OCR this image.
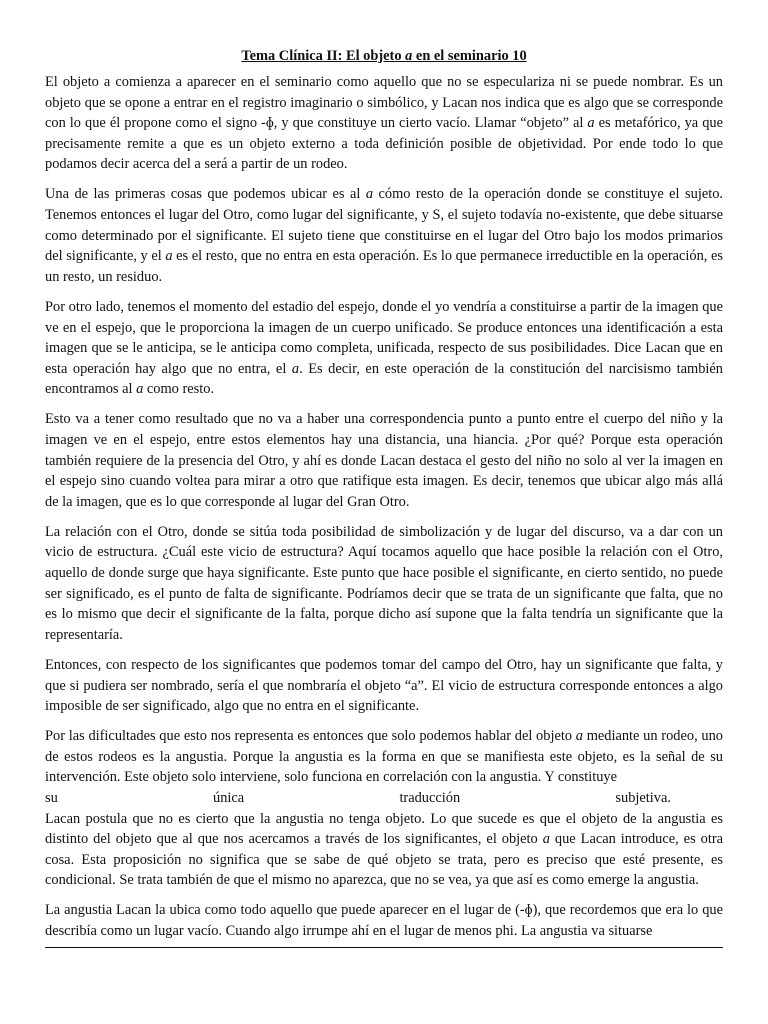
Tema Clínica II: El objeto a en el seminario 10

El objeto a comienza a aparecer en el seminario como aquello que no se especulariza ni se puede nombrar. Es un objeto que se opone a entrar en el registro imaginario o simbólico, y Lacan nos indica que es algo que se corresponde con lo que él propone como el signo -ɸ, y que constituye un cierto vacío. Llamar “objeto” al a es metafórico, ya que precisamente remite a que es un objeto externo a toda definición posible de objetividad. Por ende todo lo que podamos decir acerca del a será a partir de un rodeo.

Una de las primeras cosas que podemos ubicar es al a cómo resto de la operación donde se constituye el sujeto. Tenemos entonces el lugar del Otro, como lugar del significante, y S, el sujeto todavía no-existente, que debe situarse como determinado por el significante. El sujeto tiene que constituirse en el lugar del Otro bajo los modos primarios del significante, y el a es el resto, que no entra en esta operación. Es lo que permanece irreductible en la operación, es un resto, un residuo.

Por otro lado, tenemos el momento del estadio del espejo, donde el yo vendría a constituirse a partir de la imagen que ve en el espejo, que le proporciona la imagen de un cuerpo unificado. Se produce entonces una identificación a esta imagen que se le anticipa, se le anticipa como completa, unificada, respecto de sus posibilidades. Dice Lacan que en esta operación hay algo que no entra, el a. Es decir, en este operación de la constitución del narcisismo también encontramos al a como resto.

Esto va a tener como resultado que no va a haber una correspondencia punto a punto entre el cuerpo del niño y la imagen ve en el espejo, entre estos elementos hay una distancia, una hiancia. ¿Por qué? Porque esta operación también requiere de la presencia del Otro, y ahí es donde Lacan destaca el gesto del niño no solo al ver la imagen en el espejo sino cuando voltea para mirar a otro que ratifique esta imagen. Es decir, tenemos que ubicar algo más allá de la imagen, que es lo que corresponde al lugar del Gran Otro.

La relación con el Otro, donde se sitúa toda posibilidad de simbolización y de lugar del discurso, va a dar con un vicio de estructura. ¿Cuál este vicio de estructura? Aquí tocamos aquello que hace posible la relación con el Otro, aquello de donde surge que haya significante. Este punto que hace posible el significante, en cierto sentido, no puede ser significado, es el punto de falta de significante. Podríamos decir que se trata de un significante que falta, que no es lo mismo que decir el significante de la falta, porque dicho así supone que la falta tendría un significante que la representaría.

Entonces, con respecto de los significantes que podemos tomar del campo del Otro, hay un significante que falta, y que si pudiera ser nombrado, sería el que nombraría el objeto “a”. El vicio de estructura corresponde entonces a algo imposible de ser significado, algo que no entra en el significante.

Por las dificultades que esto nos representa es entonces que solo podemos hablar del objeto a mediante un rodeo, uno de estos rodeos es la angustia. Porque la angustia es la forma en que se manifiesta este objeto, es la señal de su intervención. Este objeto solo interviene, solo funciona en correlación con la angustia. Y constituye

su	única	traducción	subjetiva.

Lacan postula que no es cierto que la angustia no tenga objeto. Lo que sucede es que el objeto de la angustia es distinto del objeto que al que nos acercamos a través de los significantes, el objeto a que Lacan introduce, es otra cosa. Esta proposición no significa que se sabe de qué objeto se trata, pero es preciso que esté presente, es condicional. Se trata también de que el mismo no aparezca, que no se vea, ya que así es como emerge la angustia.

La angustia Lacan la ubica como todo aquello que puede aparecer en el lugar de (-ɸ), que recordemos que era lo que describía como un lugar vacío. Cuando algo irrumpe ahí en el lugar de menos phi. La angustia va situarse
